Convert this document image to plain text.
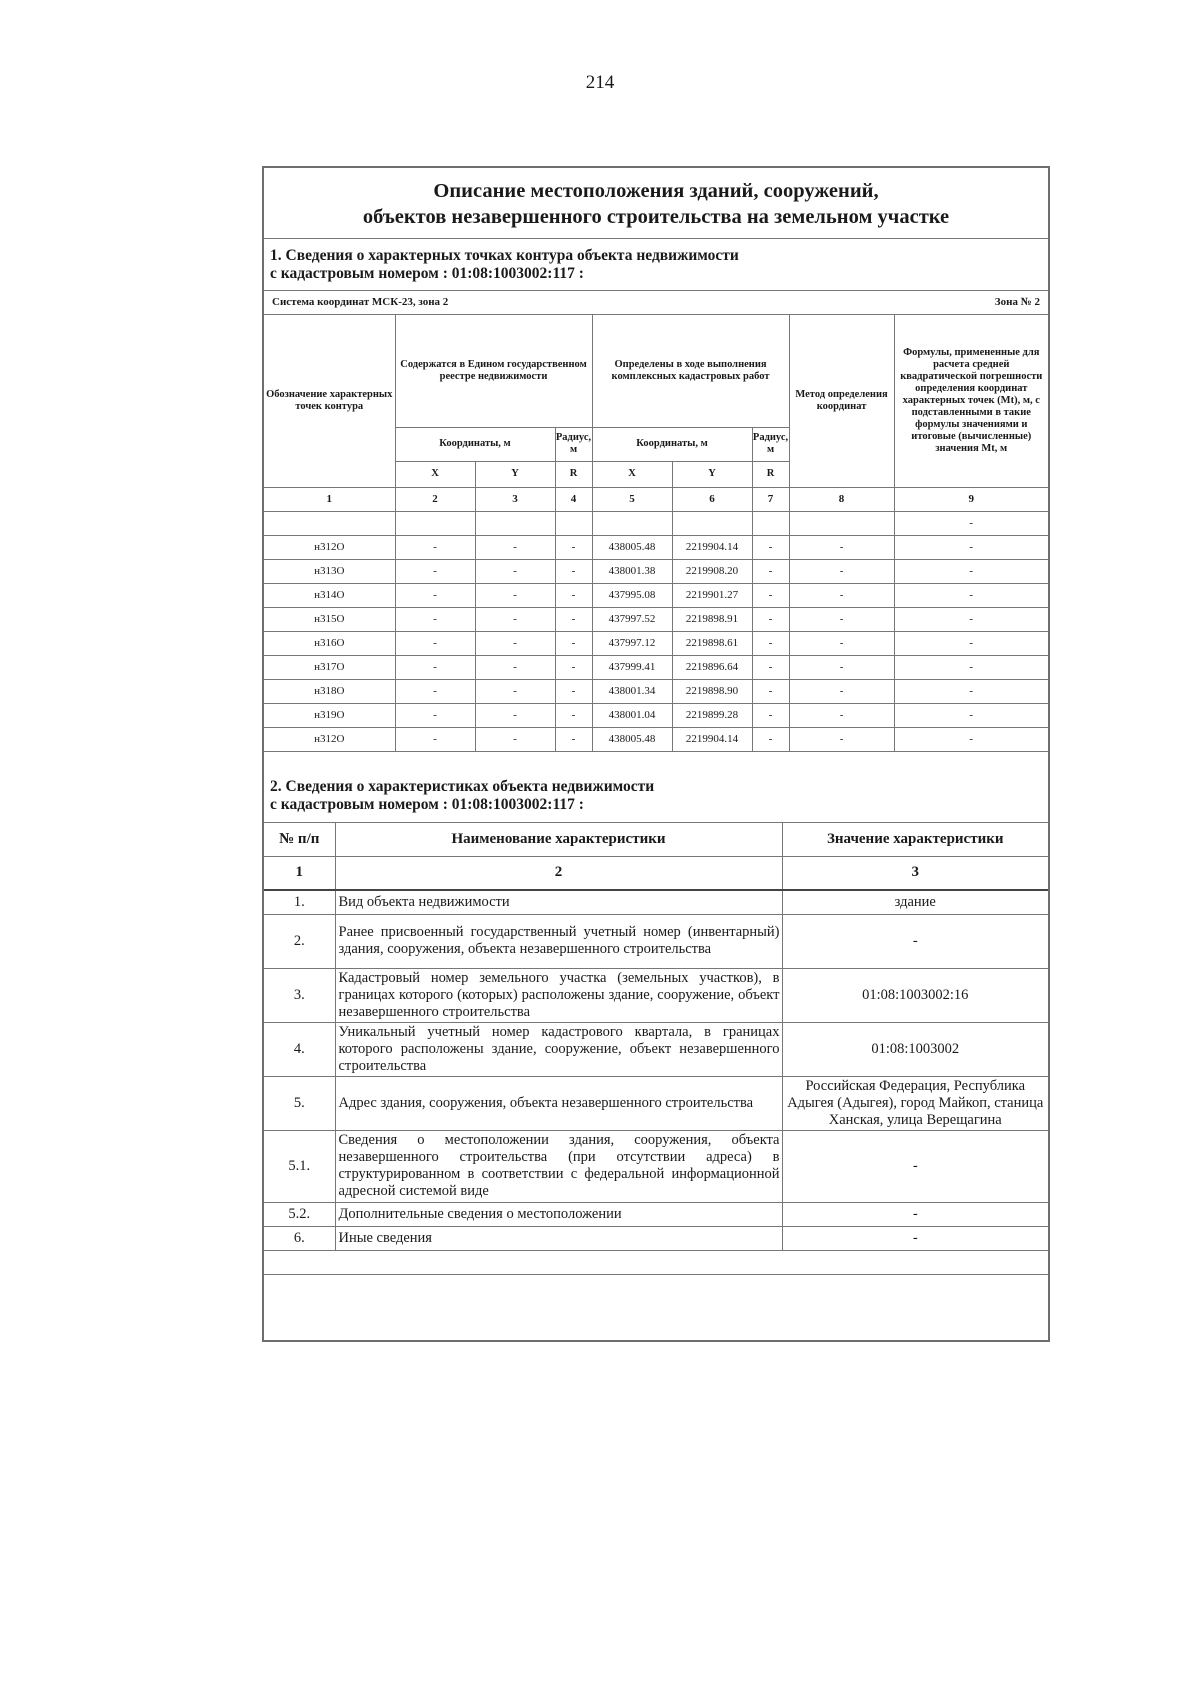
214
Описание местоположения зданий, сооружений,
объектов незавершенного строительства на земельном участке
1. Сведения о характерных точках контура объекта недвижимости
с кадастровым номером : 01:08:1003002:117 :
Система координат МСК-23, зона 2	Зона № 2
Обозначение характерных точек контура	Содержатся в Едином государственном реестре недвижимости			Определены в ходе выполнения комплексных кадастровых работ			Метод определения координат	Формулы, примененные для расчета средней квадратической погрешности определения координат характерных точек (Mt), м, с подставленными в такие формулы значениями и итоговые (вычисленные) значения Mt, м
	Координаты, м		Радиус, м	Координаты, м		Радиус, м		
	X	Y	R	X	Y	R		
1	2	3	4	5	6	7	8	9
								-
н312О	-	-	-	438005.48	2219904.14	-	-	-
н313О	-	-	-	438001.38	2219908.20	-	-	-
н314О	-	-	-	437995.08	2219901.27	-	-	-
н315О	-	-	-	437997.52	2219898.91	-	-	-
н316О	-	-	-	437997.12	2219898.61	-	-	-
н317О	-	-	-	437999.41	2219896.64	-	-	-
н318О	-	-	-	438001.34	2219898.90	-	-	-
н319О	-	-	-	438001.04	2219899.28	-	-	-
н312О	-	-	-	438005.48	2219904.14	-	-	-
2. Сведения о характеристиках объекта недвижимости
с кадастровым номером : 01:08:1003002:117 :
№ п/п	Наименование характеристики	Значение характеристики
1	2	3
1.	Вид объекта недвижимости	здание
2.	Ранее присвоенный государственный учетный номер (инвентарный) здания, сооружения, объекта незавершенного строительства	-
3.	Кадастровый номер земельного участка (земельных участков), в границах которого (которых) расположены здание, сооружение, объект незавершенного строительства	01:08:1003002:16
4.	Уникальный учетный номер кадастрового квартала, в границах которого расположены здание, сооружение, объект незавершенного строительства	01:08:1003002
5.	Адрес здания, сооружения, объекта незавершенного строительства	Российская Федерация, Республика Адыгея (Адыгея), город Майкоп, станица Ханская, улица Верещагина
5.1.	Сведения о местоположении здания, сооружения, объекта незавершенного строительства (при отсутствии адреса) в структурированном в соответствии с федеральной информационной адресной системой виде	-
5.2.	Дополнительные сведения о местоположении	-
6.	Иные сведения	-
